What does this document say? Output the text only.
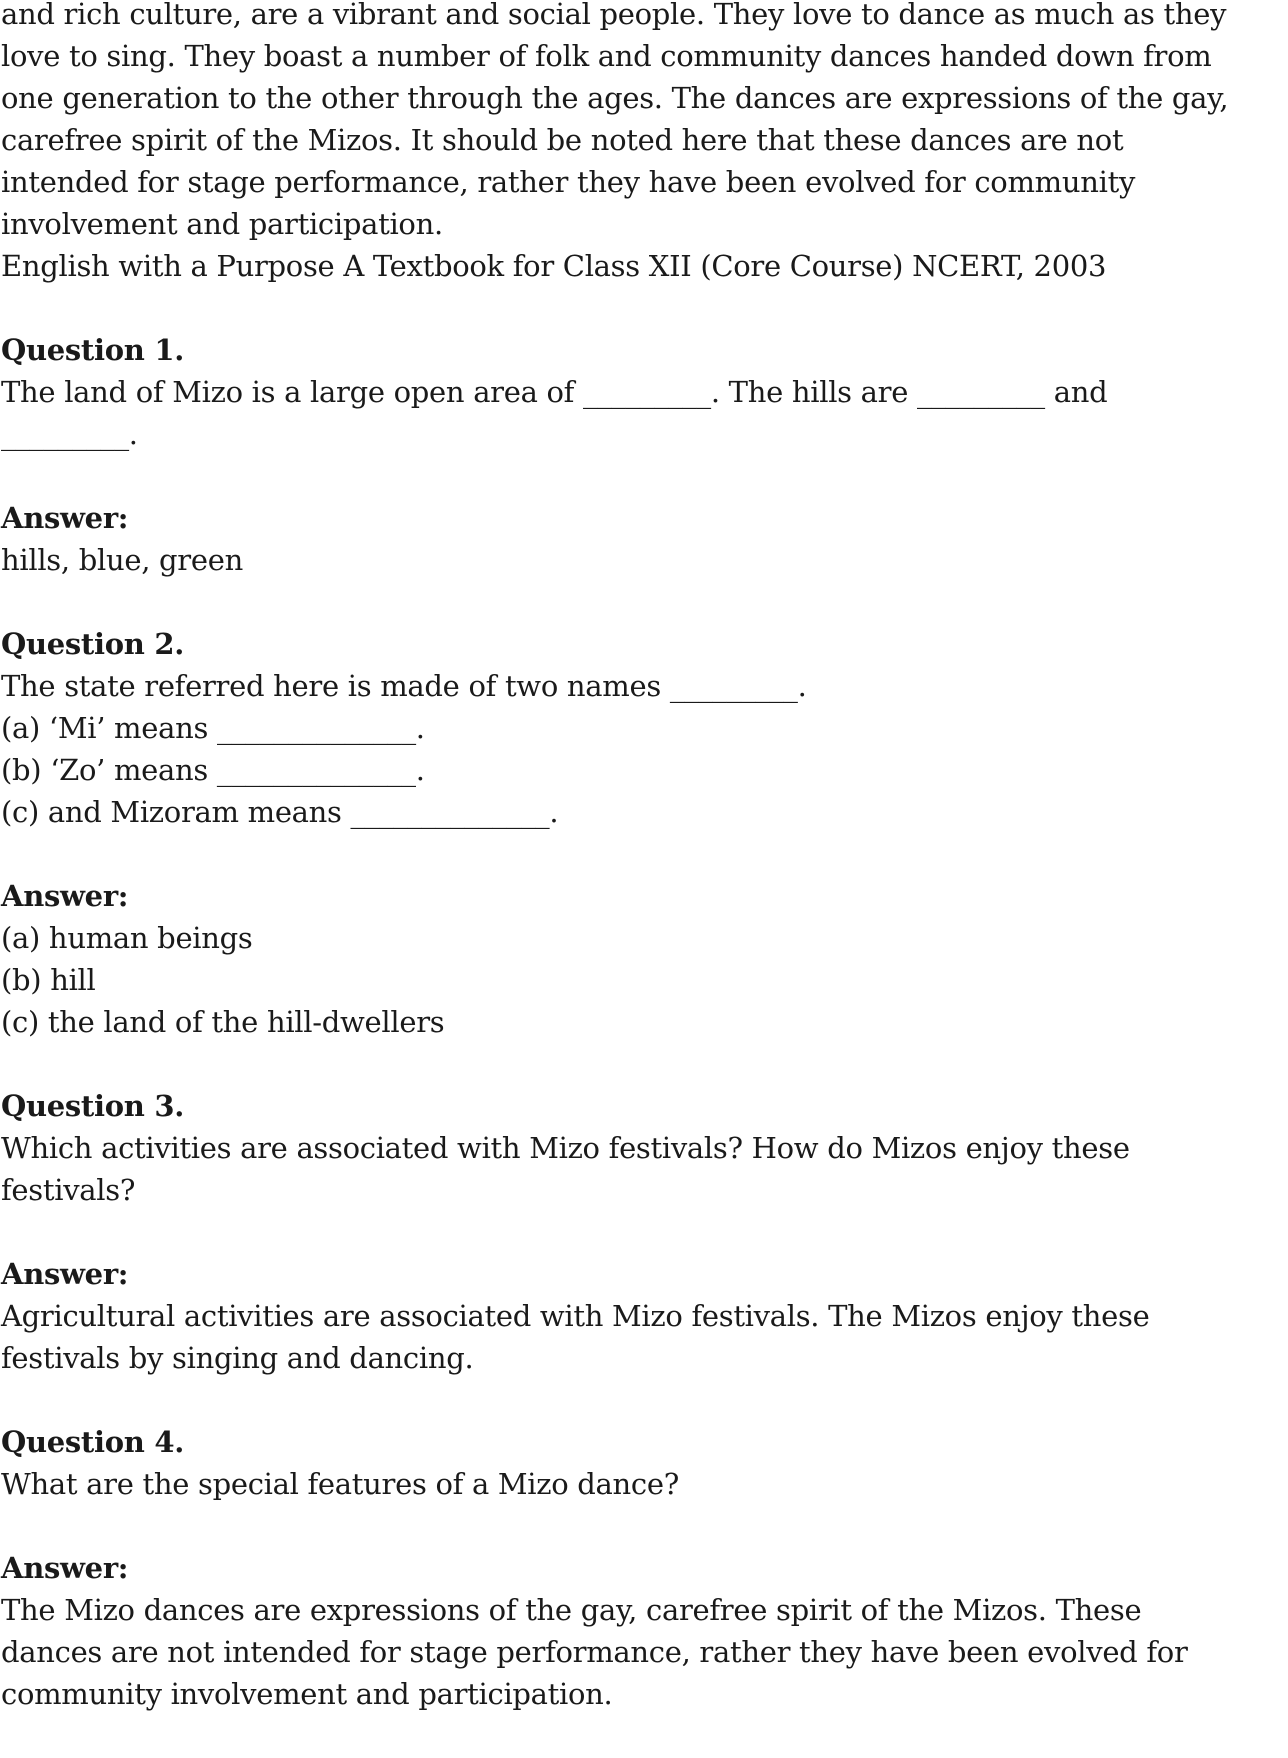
and rich culture, are a vibrant and social people. They love to dance as much as they
love to sing. They boast a number of folk and community dances handed down from
one generation to the other through the ages. The dances are expressions of the gay,
carefree spirit of the Mizos. It should be noted here that these dances are not
intended for stage performance, rather they have been evolved for community
involvement and participation.
English with a Purpose A Textbook for Class XII (Core Course) NCERT, 2003
Question 1.
The land of Mizo is a large open area of _________. The hills are _________ and
_________.
Answer:
hills, blue, green
Question 2.
The state referred here is made of two names _________.
(a) ‘Mi’ means ______________.
(b) ‘Zo’ means ______________.
(c) and Mizoram means ______________.
Answer:
(a) human beings
(b) hill
(c) the land of the hill-dwellers
Question 3.
Which activities are associated with Mizo festivals? How do Mizos enjoy these
festivals?
Answer:
Agricultural activities are associated with Mizo festivals. The Mizos enjoy these
festivals by singing and dancing.
Question 4.
What are the special features of a Mizo dance?
Answer:
The Mizo dances are expressions of the gay, carefree spirit of the Mizos. These
dances are not intended for stage performance, rather they have been evolved for
community involvement and participation.
